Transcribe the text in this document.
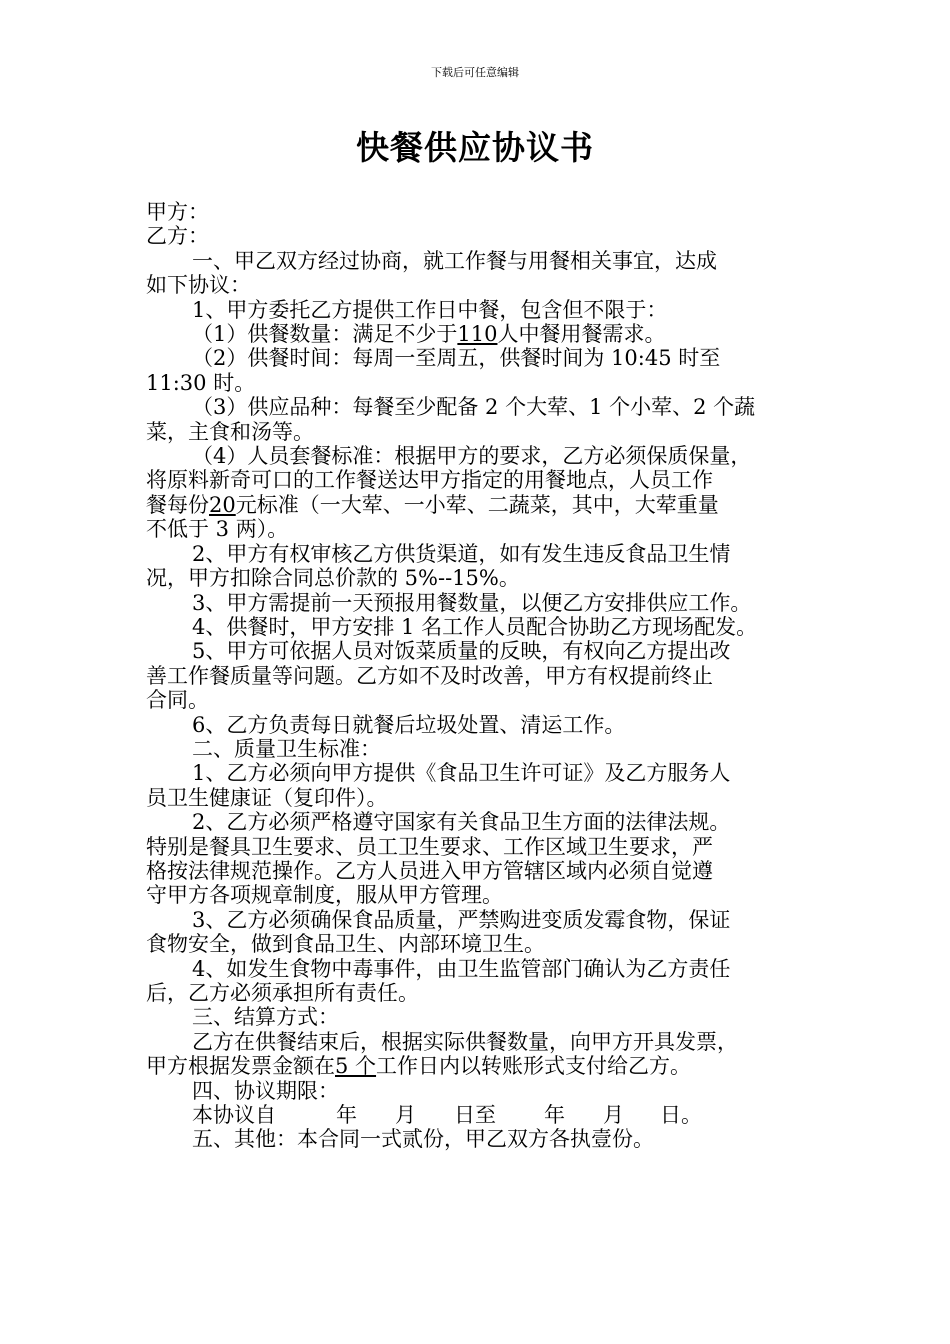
下载后可任意编辑
快餐供应协议书

甲方：

乙方：

一、甲乙双方经过协商，就工作餐与用餐相关事宜，达成

如下协议：

1、甲方委托乙方提供工作日中餐，包含但不限于：

（1）供餐数量：满足不少于110人中餐用餐需求。

（2）供餐时间：每周一至周五，供餐时间为 10:45 时至

11:30 时。

（3）供应品种：每餐至少配备 2 个大荤、1 个小荤、2 个蔬

菜，主食和汤等。

（4）人员套餐标准：根据甲方的要求，乙方必须保质保量，

将原料新奇可口的工作餐送达甲方指定的用餐地点，人员工作

餐每份20元标准（一大荤、一小荤、二蔬菜，其中，大荤重量

不低于 3 两）。

2、甲方有权审核乙方供货渠道，如有发生违反食品卫生情

况，甲方扣除合同总价款的 5%--15%。

3、甲方需提前一天预报用餐数量，以便乙方安排供应工作。

4、供餐时，甲方安排 1 名工作人员配合协助乙方现场配发。

5、甲方可依据人员对饭菜质量的反映，有权向乙方提出改

善工作餐质量等问题。乙方如不及时改善，甲方有权提前终止

合同。

6、乙方负责每日就餐后垃圾处置、清运工作。

二、质量卫生标准：

1、乙方必须向甲方提供《食品卫生许可证》及乙方服务人

员卫生健康证（复印件）。

2、乙方必须严格遵守国家有关食品卫生方面的法律法规。

特别是餐具卫生要求、员工卫生要求、工作区域卫生要求，严

格按法律规范操作。乙方人员进入甲方管辖区域内必须自觉遵

守甲方各项规章制度，服从甲方管理。

3、乙方必须确保食品质量，严禁购进变质发霉食物，保证

食物安全，做到食品卫生、内部环境卫生。

4、如发生食物中毒事件，由卫生监管部门确认为乙方责任

后，乙方必须承担所有责任。

三、结算方式：

乙方在供餐结束后，根据实际供餐数量，向甲方开具发票，

甲方根据发票金额在5 个工作日内以转账形式支付给乙方。

四、协议期限：

本协议自	年 月 日至 年 月 日。

五、其他：本合同一式贰份，甲乙双方各执壹份。
